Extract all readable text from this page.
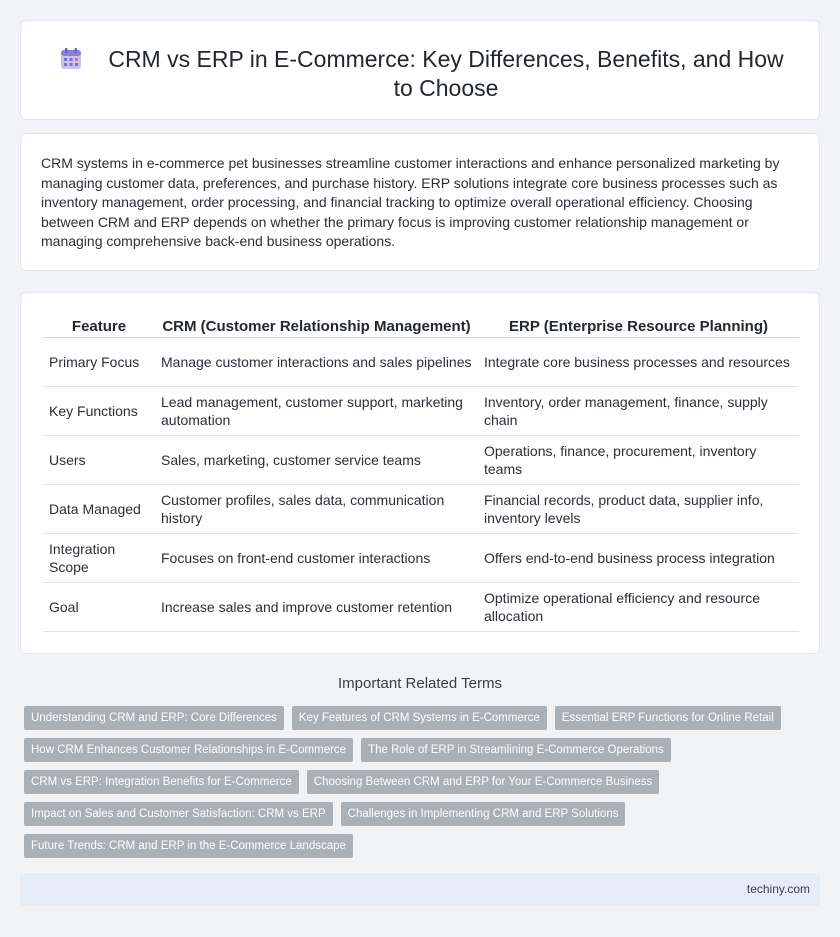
CRM vs ERP in E-Commerce: Key Differences, Benefits, and How to Choose

CRM systems in e-commerce pet businesses streamline customer interactions and enhance personalized marketing by managing customer data, preferences, and purchase history. ERP solutions integrate core business processes such as inventory management, order processing, and financial tracking to optimize overall operational efficiency. Choosing between CRM and ERP depends on whether the primary focus is improving customer relationship management or managing comprehensive back-end business operations.

Feature	CRM (Customer Relationship Management)	ERP (Enterprise Resource Planning)
Primary Focus	Manage customer interactions and sales pipelines	Integrate core business processes and resources
Key Functions	Lead management, customer support, marketing automation	Inventory, order management, finance, supply chain
Users	Sales, marketing, customer service teams	Operations, finance, procurement, inventory teams
Data Managed	Customer profiles, sales data, communication history	Financial records, product data, supplier info, inventory levels
Integration Scope	Focuses on front-end customer interactions	Offers end-to-end business process integration
Goal	Increase sales and improve customer retention	Optimize operational efficiency and resource allocation
Important Related Terms
Understanding CRM and ERP: Core Differences	Key Features of CRM Systems in E-Commerce	Essential ERP Functions for Online Retail
How CRM Enhances Customer Relationships in E-Commerce	The Role of ERP in Streamlining E-Commerce Operations
CRM vs ERP: Integration Benefits for E-Commerce	Choosing Between CRM and ERP for Your E-Commerce Business
Impact on Sales and Customer Satisfaction: CRM vs ERP	Challenges in Implementing CRM and ERP Solutions
Future Trends: CRM and ERP in the E-Commerce Landscape
techiny.com
